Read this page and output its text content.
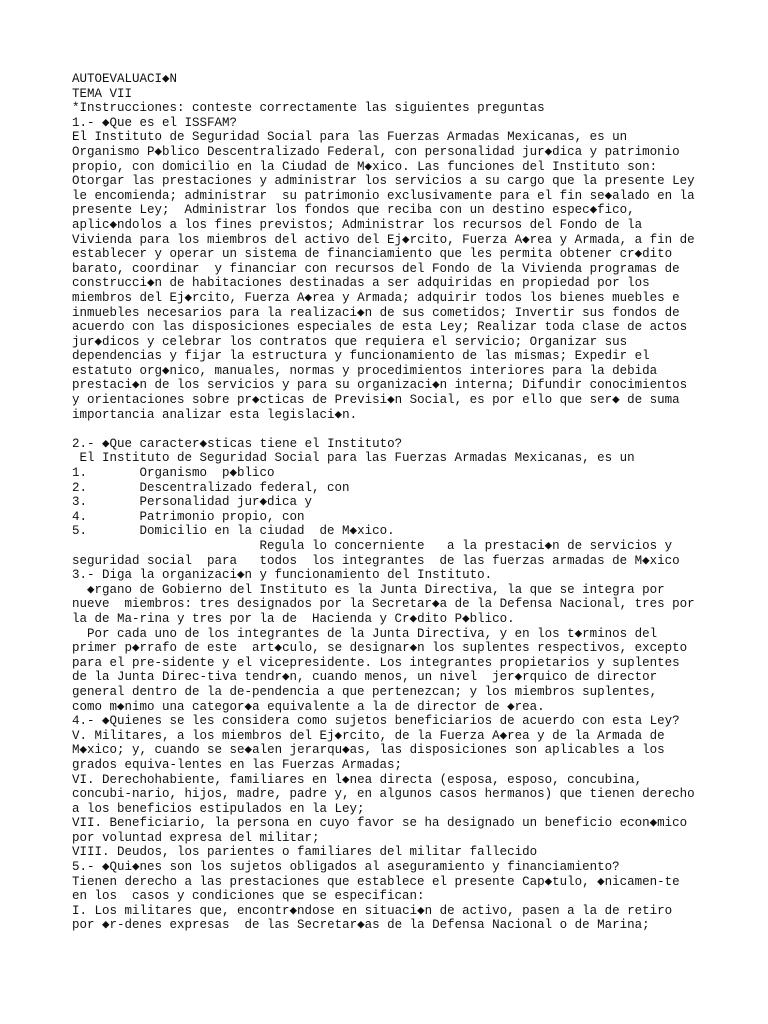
AUTOEVALUACI◆N
TEMA VII
*Instrucciones: conteste correctamente las siguientes preguntas
1.- ◆Que es el ISSFAM?
El Instituto de Seguridad Social para las Fuerzas Armadas Mexicanas, es un
Organismo P◆blico Descentralizado Federal, con personalidad jur◆dica y patrimonio
propio, con domicilio en la Ciudad de M◆xico. Las funciones del Instituto son:
Otorgar las prestaciones y administrar los servicios a su cargo que la presente Ley
le encomienda; administrar  su patrimonio exclusivamente para el fin se◆alado en la
presente Ley;  Administrar los fondos que reciba con un destino espec◆fico,
aplic◆ndolos a los fines previstos; Administrar los recursos del Fondo de la
Vivienda para los miembros del activo del Ej◆rcito, Fuerza A◆rea y Armada, a fin de
establecer y operar un sistema de financiamiento que les permita obtener cr◆dito
barato, coordinar  y financiar con recursos del Fondo de la Vivienda programas de
construcci◆n de habitaciones destinadas a ser adquiridas en propiedad por los
miembros del Ej◆rcito, Fuerza A◆rea y Armada; adquirir todos los bienes muebles e
inmuebles necesarios para la realizaci◆n de sus cometidos; Invertir sus fondos de
acuerdo con las disposiciones especiales de esta Ley; Realizar toda clase de actos
jur◆dicos y celebrar los contratos que requiera el servicio; Organizar sus
dependencias y fijar la estructura y funcionamiento de las mismas; Expedir el
estatuto org◆nico, manuales, normas y procedimientos interiores para la debida
prestaci◆n de los servicios y para su organizaci◆n interna; Difundir conocimientos
y orientaciones sobre pr◆cticas de Previsi◆n Social, es por ello que ser◆ de suma
importancia analizar esta legislaci◆n.
2.- ◆Que caracter◆sticas tiene el Instituto?
El Instituto de Seguridad Social para las Fuerzas Armadas Mexicanas, es un
1.       Organismo  p◆blico
2.       Descentralizado federal, con
3.       Personalidad jur◆dica y
4.       Patrimonio propio, con
5.       Domicilio en la ciudad  de M◆xico.
Regula lo concerniente   a la prestaci◆n de servicios y
seguridad social  para   todos  los integrantes  de las fuerzas armadas de M◆xico
3.- Diga la organizaci◆n y funcionamiento del Instituto.
◆rgano de Gobierno del Instituto es la Junta Directiva, la que se integra por
nueve  miembros: tres designados por la Secretar◆a de la Defensa Nacional, tres por
la de Ma-rina y tres por la de  Hacienda y Cr◆dito P◆blico.
Por cada uno de los integrantes de la Junta Directiva, y en los t◆rminos del
primer p◆rrafo de este  art◆culo, se designar◆n los suplentes respectivos, excepto
para el pre-sidente y el vicepresidente. Los integrantes propietarios y suplentes
de la Junta Direc-tiva tendr◆n, cuando menos, un nivel  jer◆rquico de director
general dentro de la de-pendencia a que pertenezcan; y los miembros suplentes,
como m◆nimo una categor◆a equivalente a la de director de ◆rea.
4.- ◆Quienes se les considera como sujetos beneficiarios de acuerdo con esta Ley?
V. Militares, a los miembros del Ej◆rcito, de la Fuerza A◆rea y de la Armada de
M◆xico; y, cuando se se◆alen jerarqu◆as, las disposiciones son aplicables a los
grados equiva-lentes en las Fuerzas Armadas;
VI. Derechohabiente, familiares en l◆nea directa (esposa, esposo, concubina,
concubi-nario, hijos, madre, padre y, en algunos casos hermanos) que tienen derecho
a los beneficios estipulados en la Ley;
VII. Beneficiario, la persona en cuyo favor se ha designado un beneficio econ◆mico
por voluntad expresa del militar;
VIII. Deudos, los parientes o familiares del militar fallecido
5.- ◆Qui◆nes son los sujetos obligados al aseguramiento y financiamiento?
Tienen derecho a las prestaciones que establece el presente Cap◆tulo, ◆nicamen-te
en los  casos y condiciones que se especifican:
I. Los militares que, encontr◆ndose en situaci◆n de activo, pasen a la de retiro
por ◆r-denes expresas  de las Secretar◆as de la Defensa Nacional o de Marina;
